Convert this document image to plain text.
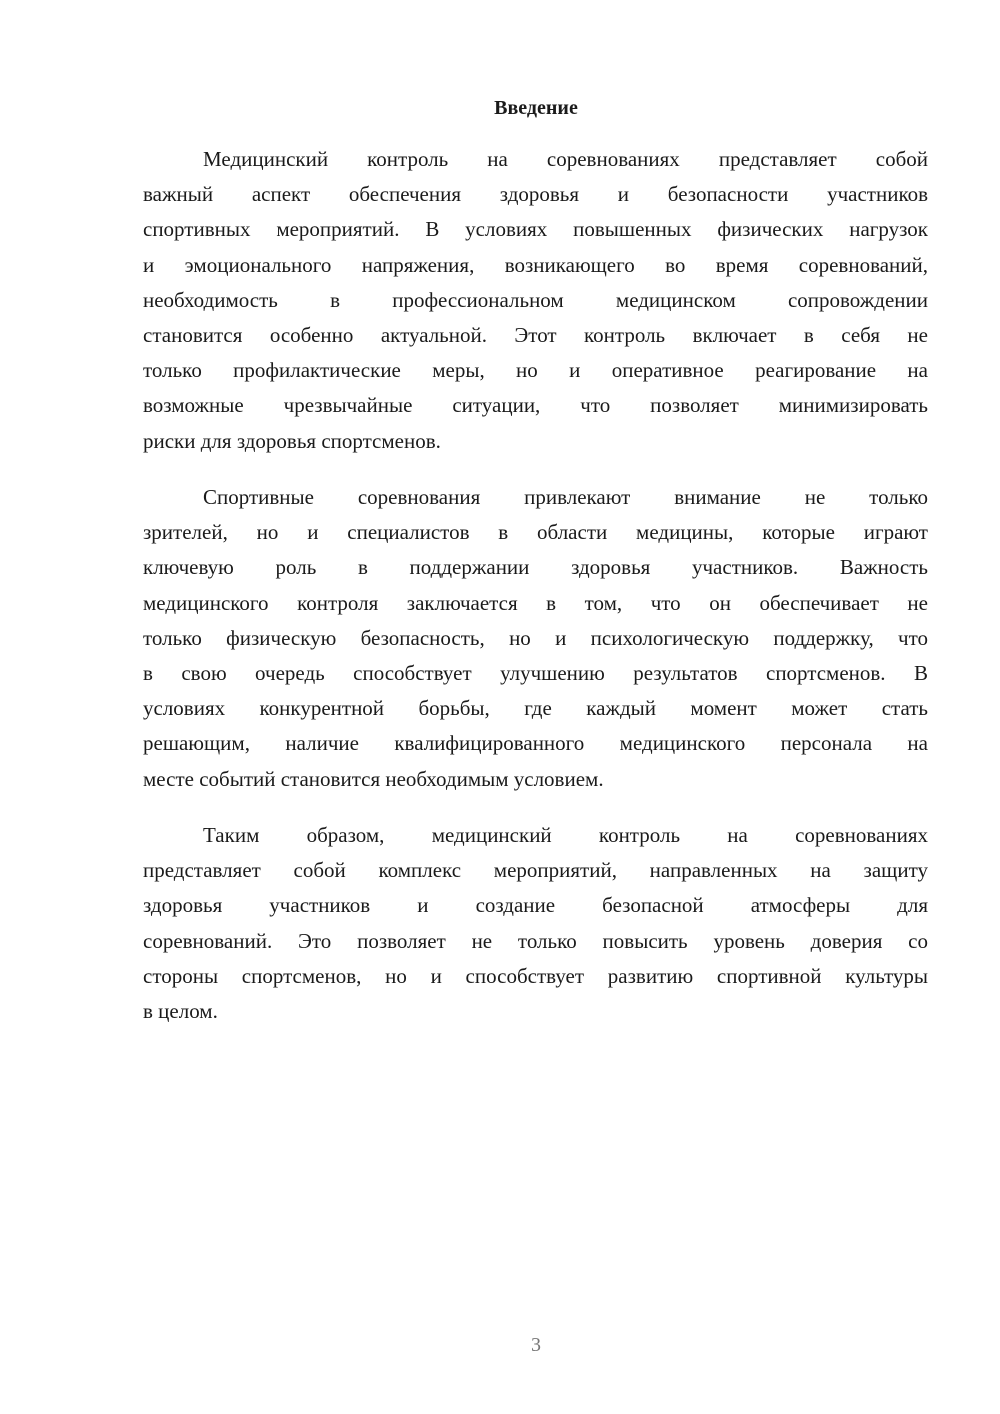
Введение
Медицинский контроль на соревнованиях представляет собой
важный аспект обеспечения здоровья и безопасности участников
спортивных мероприятий. В условиях повышенных физических нагрузок
и эмоционального напряжения, возникающего во время соревнований,
необходимость в профессиональном медицинском сопровождении
становится особенно актуальной. Этот контроль включает в себя не
только профилактические меры, но и оперативное реагирование на
возможные чрезвычайные ситуации, что позволяет минимизировать
риски для здоровья спортсменов.
Спортивные соревнования привлекают внимание не только
зрителей, но и специалистов в области медицины, которые играют
ключевую роль в поддержании здоровья участников. Важность
медицинского контроля заключается в том, что он обеспечивает не
только физическую безопасность, но и психологическую поддержку, что
в свою очередь способствует улучшению результатов спортсменов. В
условиях конкурентной борьбы, где каждый момент может стать
решающим, наличие квалифицированного медицинского персонала на
месте событий становится необходимым условием.
Таким образом, медицинский контроль на соревнованиях
представляет собой комплекс мероприятий, направленных на защиту
здоровья участников и создание безопасной атмосферы для
соревнований. Это позволяет не только повысить уровень доверия со
стороны спортсменов, но и способствует развитию спортивной культуры
в целом.
3
